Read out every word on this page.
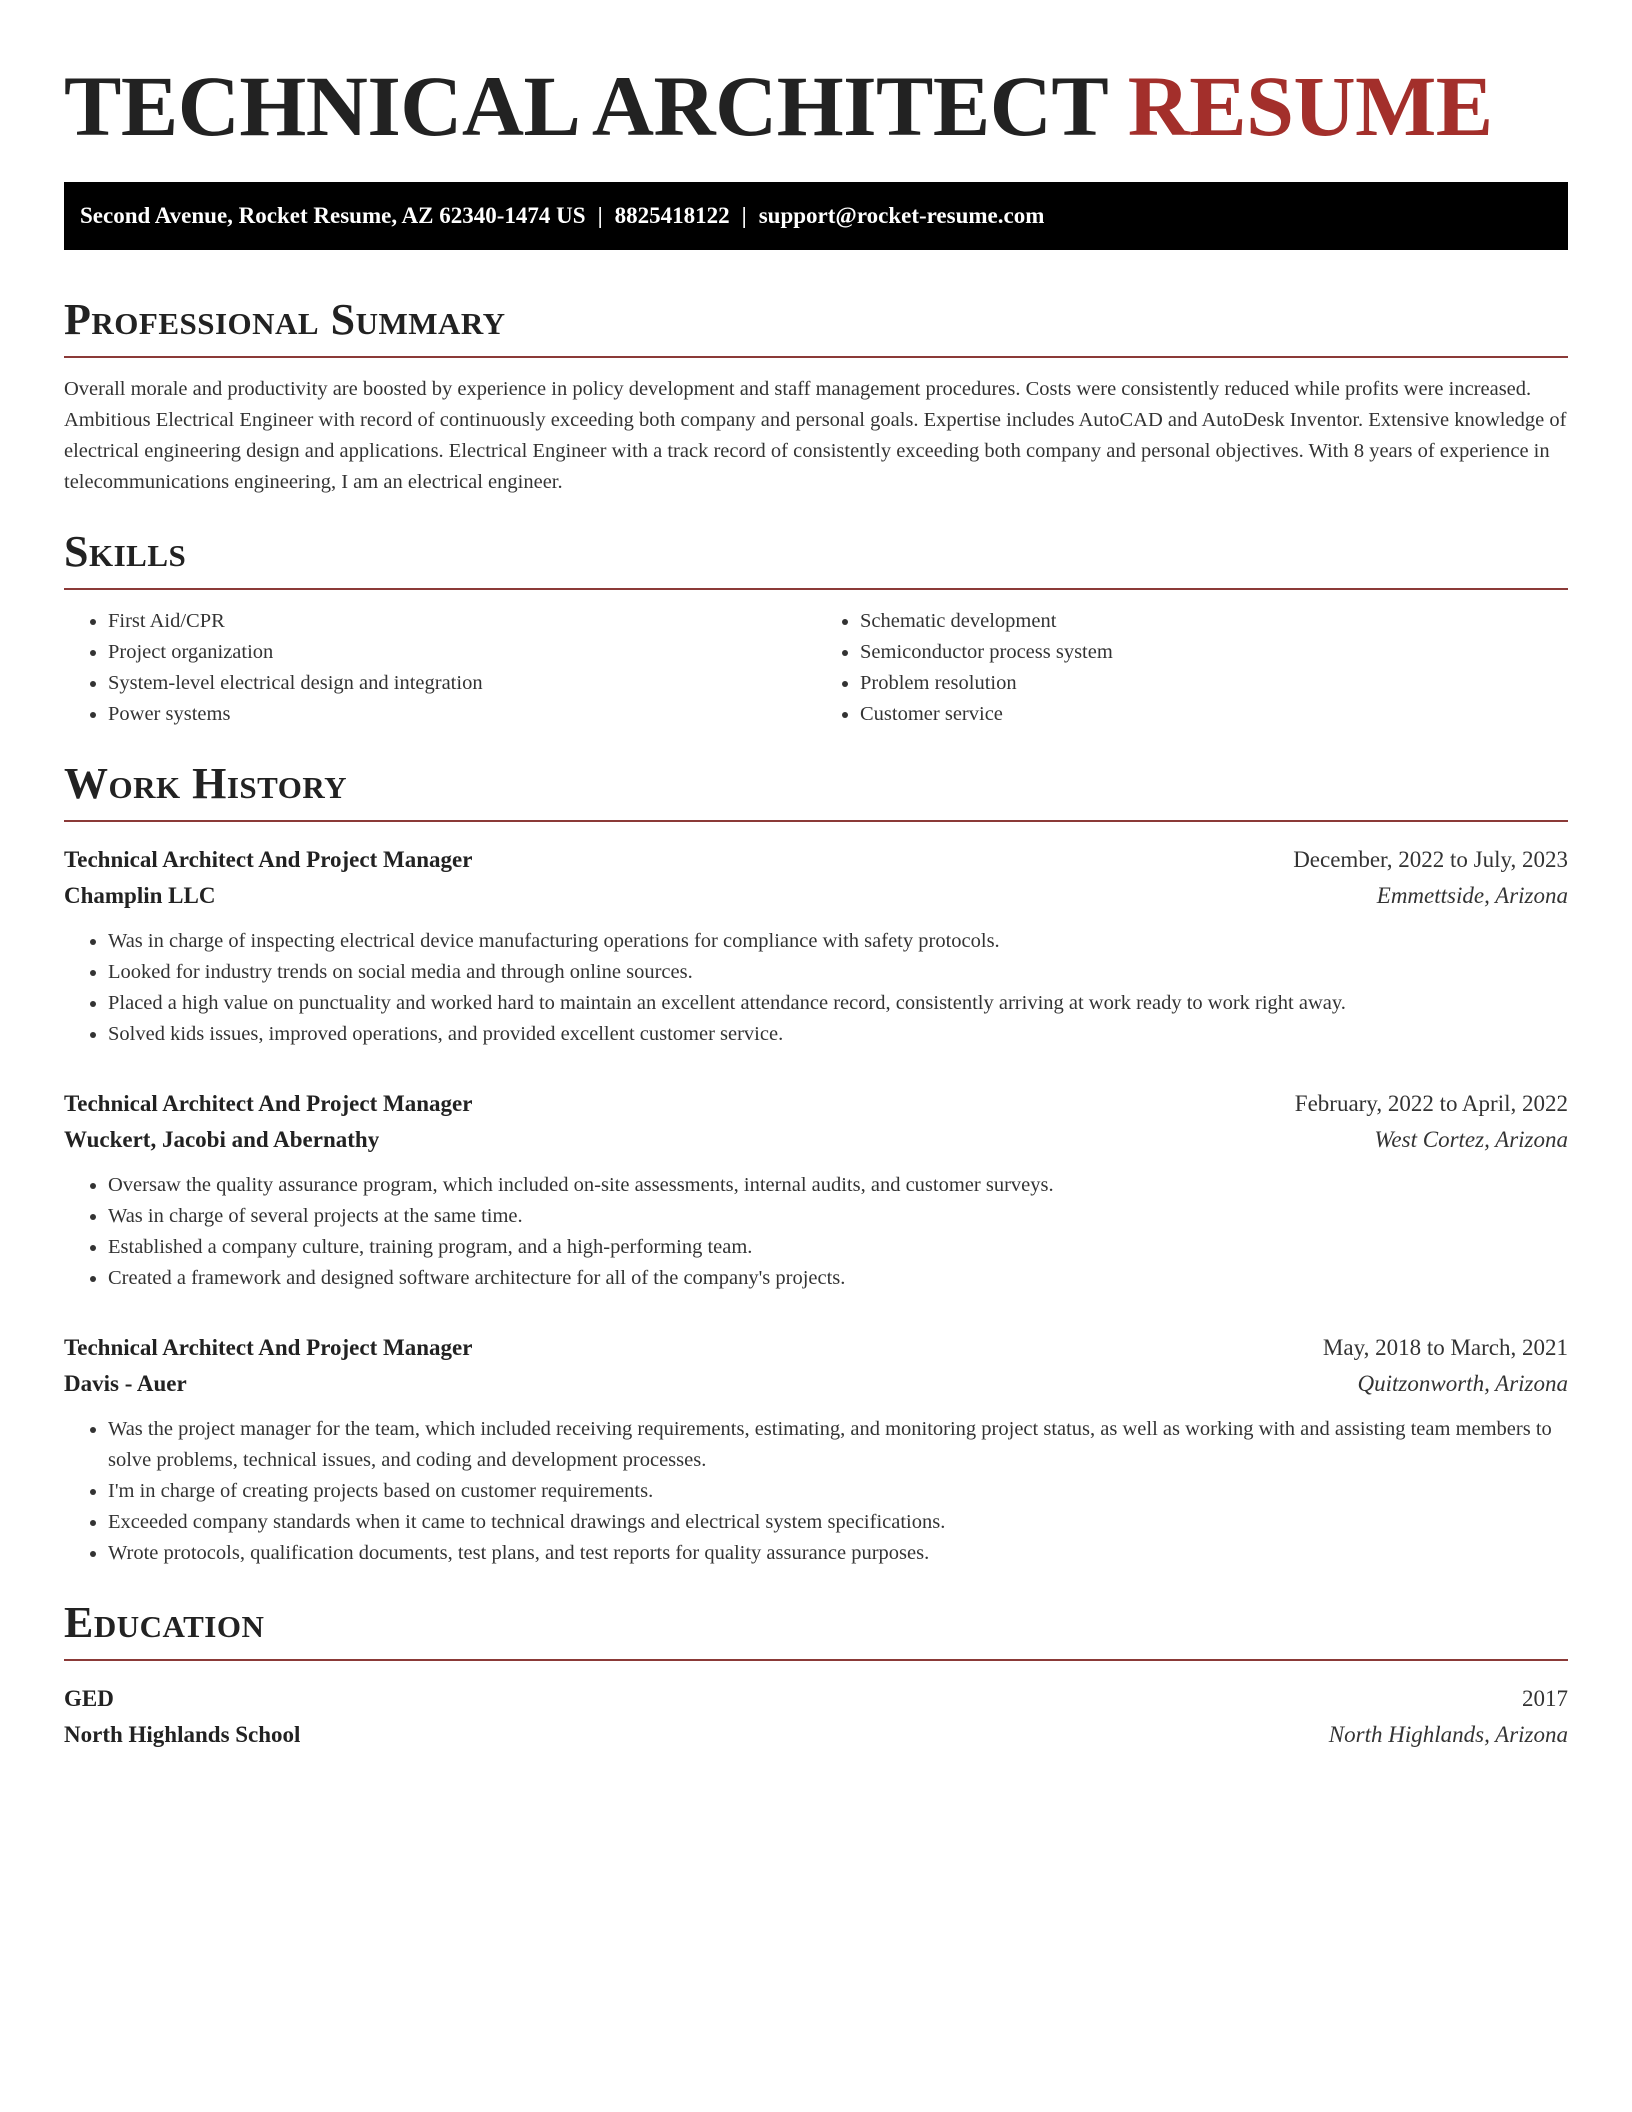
TECHNICAL ARCHITECT RESUME
Second Avenue, Rocket Resume, AZ 62340-1474 US | 8825418122 | support@rocket-resume.com
Professional Summary

Overall morale and productivity are boosted by experience in policy development and staff management procedures. Costs were consistently reduced while profits were increased. Ambitious Electrical Engineer with record of continuously exceeding both company and personal goals. Expertise includes AutoCAD and AutoDesk Inventor. Extensive knowledge of electrical engineering design and applications. Electrical Engineer with a track record of consistently exceeding both company and personal objectives. With 8 years of experience in telecommunications engineering, I am an electrical engineer.

Skills
• First Aid/CPR
• Project organization
• System-level electrical design and integration
• Power systems
• Schematic development
• Semiconductor process system
• Problem resolution
• Customer service
Work History
Technical Architect And Project Manager	December, 2022 to July, 2023
Champlin LLC	Emmettside, Arizona
• Was in charge of inspecting electrical device manufacturing operations for compliance with safety protocols.
• Looked for industry trends on social media and through online sources.
• Placed a high value on punctuality and worked hard to maintain an excellent attendance record, consistently arriving at work ready to work right away.
• Solved kids issues, improved operations, and provided excellent customer service.
Technical Architect And Project Manager	February, 2022 to April, 2022
Wuckert, Jacobi and Abernathy	West Cortez, Arizona
• Oversaw the quality assurance program, which included on-site assessments, internal audits, and customer surveys.
• Was in charge of several projects at the same time.
• Established a company culture, training program, and a high-performing team.
• Created a framework and designed software architecture for all of the company's projects.
Technical Architect And Project Manager	May, 2018 to March, 2021
Davis - Auer	Quitzonworth, Arizona
• Was the project manager for the team, which included receiving requirements, estimating, and monitoring project status, as well as working with and assisting team members to solve problems, technical issues, and coding and development processes.
• I'm in charge of creating projects based on customer requirements.
• Exceeded company standards when it came to technical drawings and electrical system specifications.
• Wrote protocols, qualification documents, test plans, and test reports for quality assurance purposes.
Education
GED	2017
North Highlands School	North Highlands, Arizona
